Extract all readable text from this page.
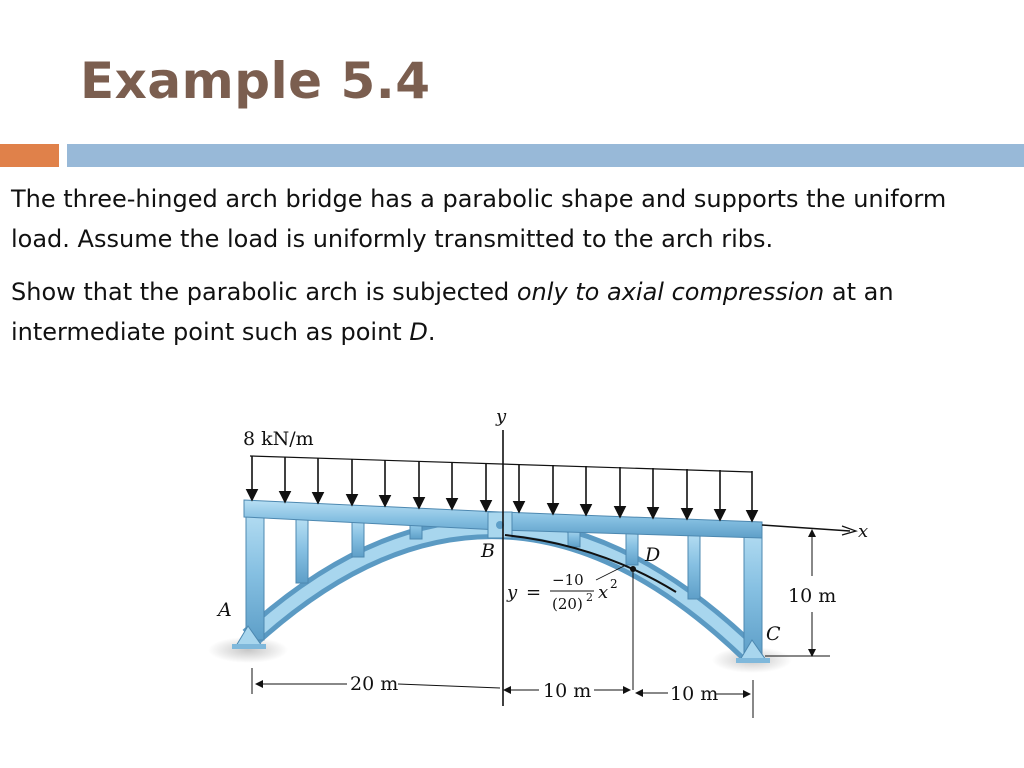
Example 5.4
The three-hinged arch bridge has a parabolic shape and supports the uniform load. Assume the load is uniformly transmitted to the arch ribs.
Show that the parabolic arch is subjected only to axial compression at an intermediate point such as point D.
8 kN/m
y
x
A
B
C
D
y =
−10
(20) 2 x 2
10 m
20 m	10 m	10 m
